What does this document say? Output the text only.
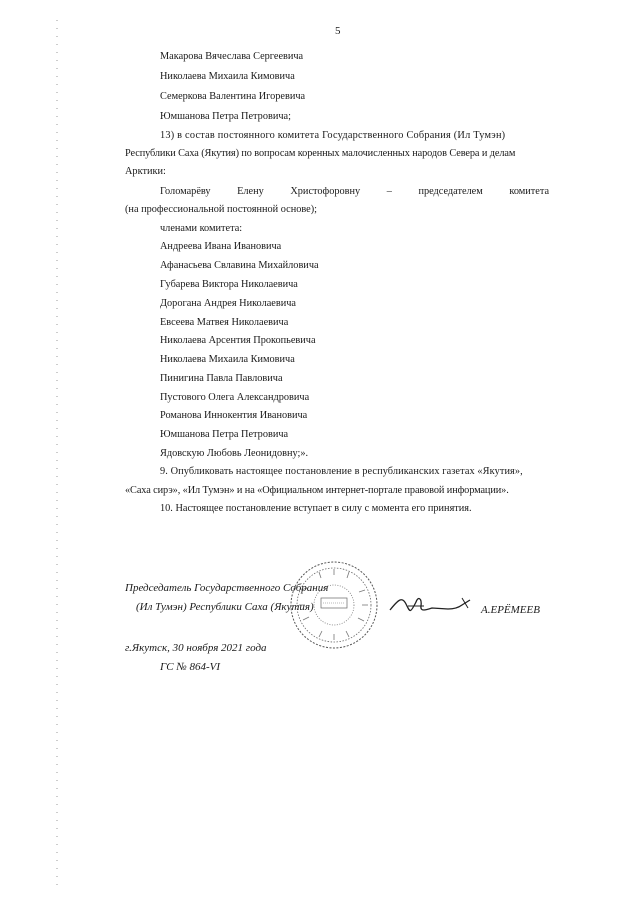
5
Макарова Вячеслава Сергеевича
Николаева Михаила Кимовича
Семеркова Валентина Игоревича
Юмшанова Петра Петровича;
13) в состав постоянного комитета Государственного Собрания (Ил Тумэн)
Республики Саха (Якутия) по вопросам коренных малочисленных народов Севера и делам
Арктики:
Голомарёву Елену Христофоровну – председателем комитета
(на профессиональной постоянной основе);
членами комитета:
Андреева Ивана Ивановича
Афанасьева Свлавина Михайловича
Губарева Виктора Николаевича
Дорогана Андрея Николаевича
Евсеева Матвея Николаевича
Николаева Арсентия Прокопьевича
Николаева Михаила Кимовича
Пинигина Павла Павловича
Пустового Олега Александровича
Романова Иннокентия Ивановича
Юмшанова Петра Петровича
Ядовскую Любовь Леонидовну;».
9. Опубликовать настоящее постановление в республиканских газетах «Якутия»,
«Саха сирэ», «Ил Тумэн» и на «Официальном интернет-портале правовой информации».
10. Настоящее постановление вступает в силу с момента его принятия.
Председатель Государственного Собрания
(Ил Тумэн) Республики Саха (Якутия)	А.ЕРЁМЕЕВ
г.Якутск, 30 ноября 2021 года
ГС № 864-VI
